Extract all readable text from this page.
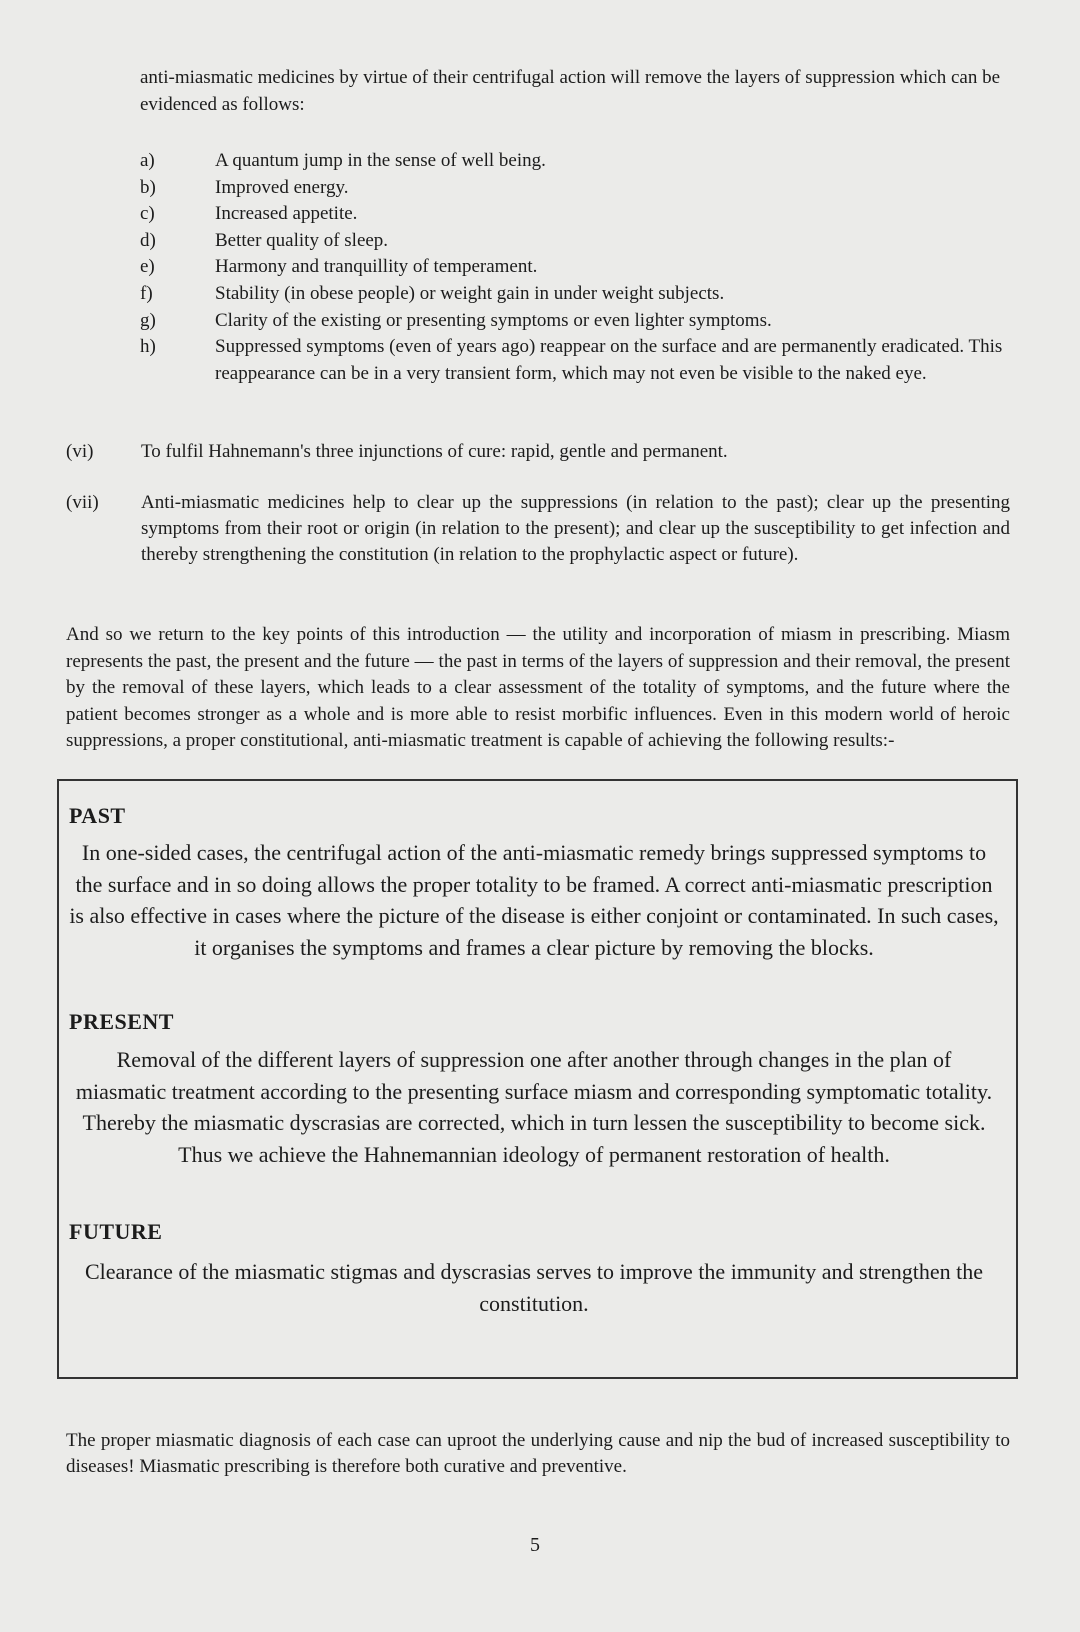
anti-miasmatic medicines by virtue of their centrifugal action will remove the layers of suppression which can be evidenced as follows:

a)	A quantum jump in the sense of well being.
b)	Improved energy.
c)	Increased appetite.
d)	Better quality of sleep.
e)	Harmony and tranquillity of temperament.
f)	Stability (in obese people) or weight gain in under weight subjects.
g)	Clarity of the existing or presenting symptoms or even lighter symptoms.
h)	Suppressed symptoms (even of years ago) reappear on the surface and are permanently eradicated. This reappearance can be in a very transient form, which may not even be visible to the naked eye.
(vi)	To fulfil Hahnemann's three injunctions of cure: rapid, gentle and permanent.
(vii)	Anti-miasmatic medicines help to clear up the suppressions (in relation to the past); clear up the presenting symptoms from their root or origin (in relation to the present); and clear up the susceptibility to get infection and thereby strengthening the constitution (in relation to the prophylactic aspect or future).

And so we return to the key points of this introduction — the utility and incorporation of miasm in prescribing. Miasm represents the past, the present and the future — the past in terms of the layers of suppression and their removal, the present by the removal of these layers, which leads to a clear assessment of the totality of symptoms, and the future where the patient becomes stronger as a whole and is more able to resist morbific influences. Even in this modern world of heroic suppressions, a proper constitutional, anti-miasmatic treatment is capable of achieving the following results:-

PAST

In one-sided cases, the centrifugal action of the anti-miasmatic remedy brings suppressed symptoms to the surface and in so doing allows the proper totality to be framed. A correct anti-miasmatic prescription is also effective in cases where the picture of the disease is either conjoint or contaminated. In such cases, it organises the symptoms and frames a clear picture by removing the blocks.

PRESENT

Removal of the different layers of suppression one after another through changes in the plan of miasmatic treatment according to the presenting surface miasm and corresponding symptomatic totality. Thereby the miasmatic dyscrasias are corrected, which in turn lessen the susceptibility to become sick. Thus we achieve the Hahnemannian ideology of permanent restoration of health.

FUTURE

Clearance of the miasmatic stigmas and dyscrasias serves to improve the immunity and strengthen the constitution.

The proper miasmatic diagnosis of each case can uproot the underlying cause and nip the bud of increased susceptibility to diseases! Miasmatic prescribing is therefore both curative and preventive.

5
